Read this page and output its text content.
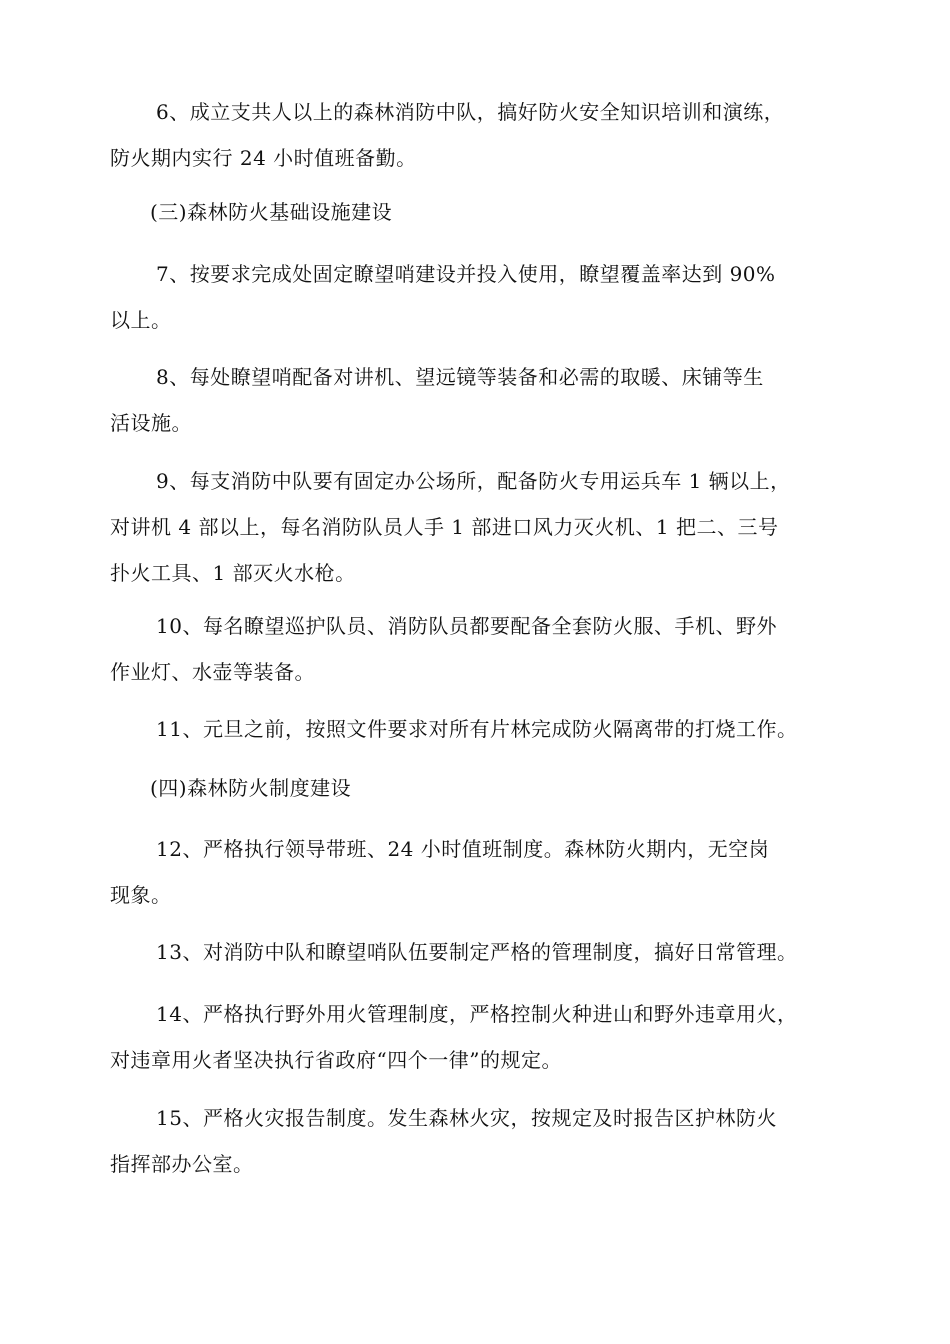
6、成立支共人以上的森林消防中队，搞好防火安全知识培训和演练，
防火期内实行 24 小时值班备勤。
(三)森林防火基础设施建设
7、按要求完成处固定瞭望哨建设并投入使用，瞭望覆盖率达到 90%
以上。
8、每处瞭望哨配备对讲机、望远镜等装备和必需的取暖、床铺等生
活设施。
9、每支消防中队要有固定办公场所，配备防火专用运兵车 1 辆以上，
对讲机 4 部以上，每名消防队员人手 1 部进口风力灭火机、1 把二、三号
扑火工具、1 部灭火水枪。
10、每名瞭望巡护队员、消防队员都要配备全套防火服、手机、野外
作业灯、水壶等装备。
11、元旦之前，按照文件要求对所有片林完成防火隔离带的打烧工作。
(四)森林防火制度建设
12、严格执行领导带班、24 小时值班制度。森林防火期内，无空岗
现象。
13、对消防中队和瞭望哨队伍要制定严格的管理制度，搞好日常管理。
14、严格执行野外用火管理制度，严格控制火种进山和野外违章用火，
对违章用火者坚决执行省政府“四个一律”的规定。
15、严格火灾报告制度。发生森林火灾，按规定及时报告区护林防火
指挥部办公室。
